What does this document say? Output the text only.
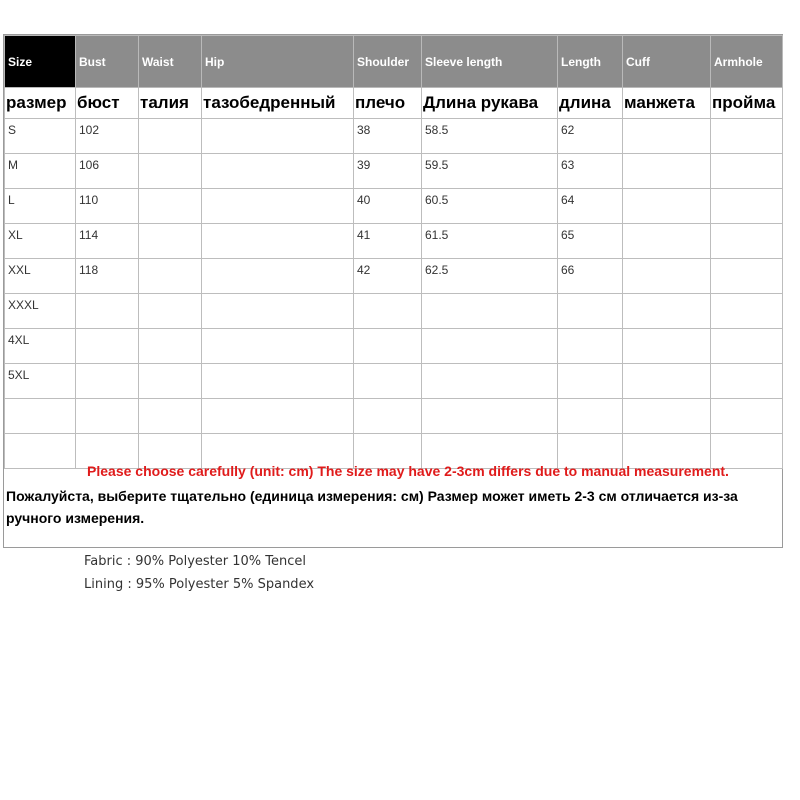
Size	Bust	Waist	Hip	Shoulder	Sleeve length	Length	Cuff	Armhole
размер	бюст	талия	тазобедренный	плечо	Длина рукава	длина	манжета	пройма
S	102			38	58.5	62		
M	106			39	59.5	63		
L	110			40	60.5	64		
XL	114			41	61.5	65		
XXL	118			42	62.5	66		
XXXL								
4XL								
5XL								

Please choose carefully (unit: cm) The size may have 2-3cm differs due to manual measurement.
Пожалуйста, выберите тщательно (единица измерения: см) Размер может иметь 2-3 см отличается из-за ручного измерения.
Fabric : 90% Polyester 10% Tencel
Lining : 95% Polyester 5% Spandex
